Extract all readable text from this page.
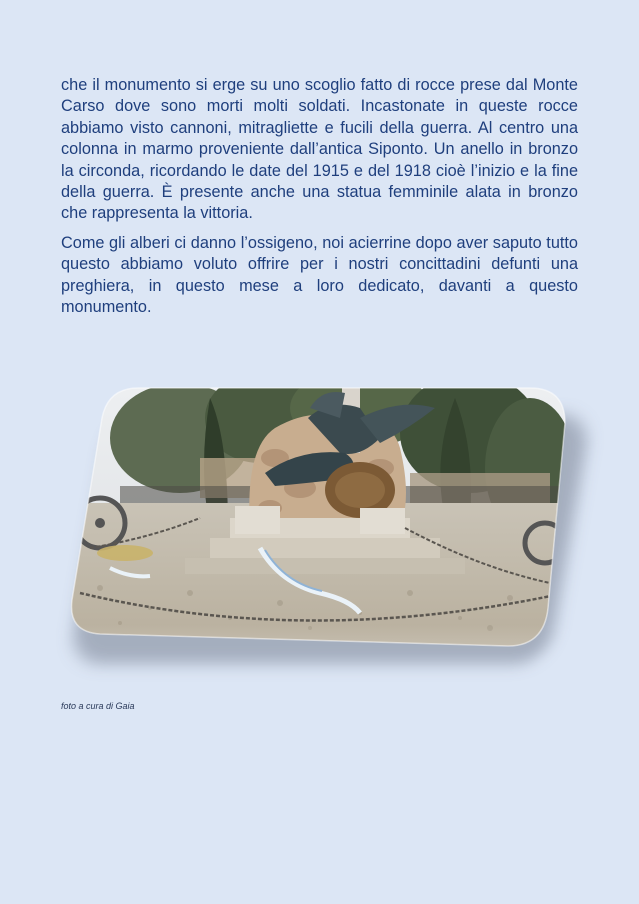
che il monumento si erge su uno scoglio fatto di rocce prese dal Monte Carso dove sono morti molti soldati. Incastonate in queste rocce abbiamo visto cannoni, mitragliette e fucili della guerra. Al centro una colonna in marmo proveniente dall’antica Siponto. Un anello in bronzo la circonda, ricordando le date del 1915 e del 1918 cioè l’inizio e la fine della guerra. È presente anche una statua femminile alata in bronzo che rappresenta la vittoria.

Come gli alberi ci danno l’ossigeno, noi acierrine dopo aver saputo tutto questo abbiamo voluto offrire per i nostri concittadini defunti una preghiera, in questo mese a loro dedicato, davanti a questo monumento.

foto a cura di Gaia
